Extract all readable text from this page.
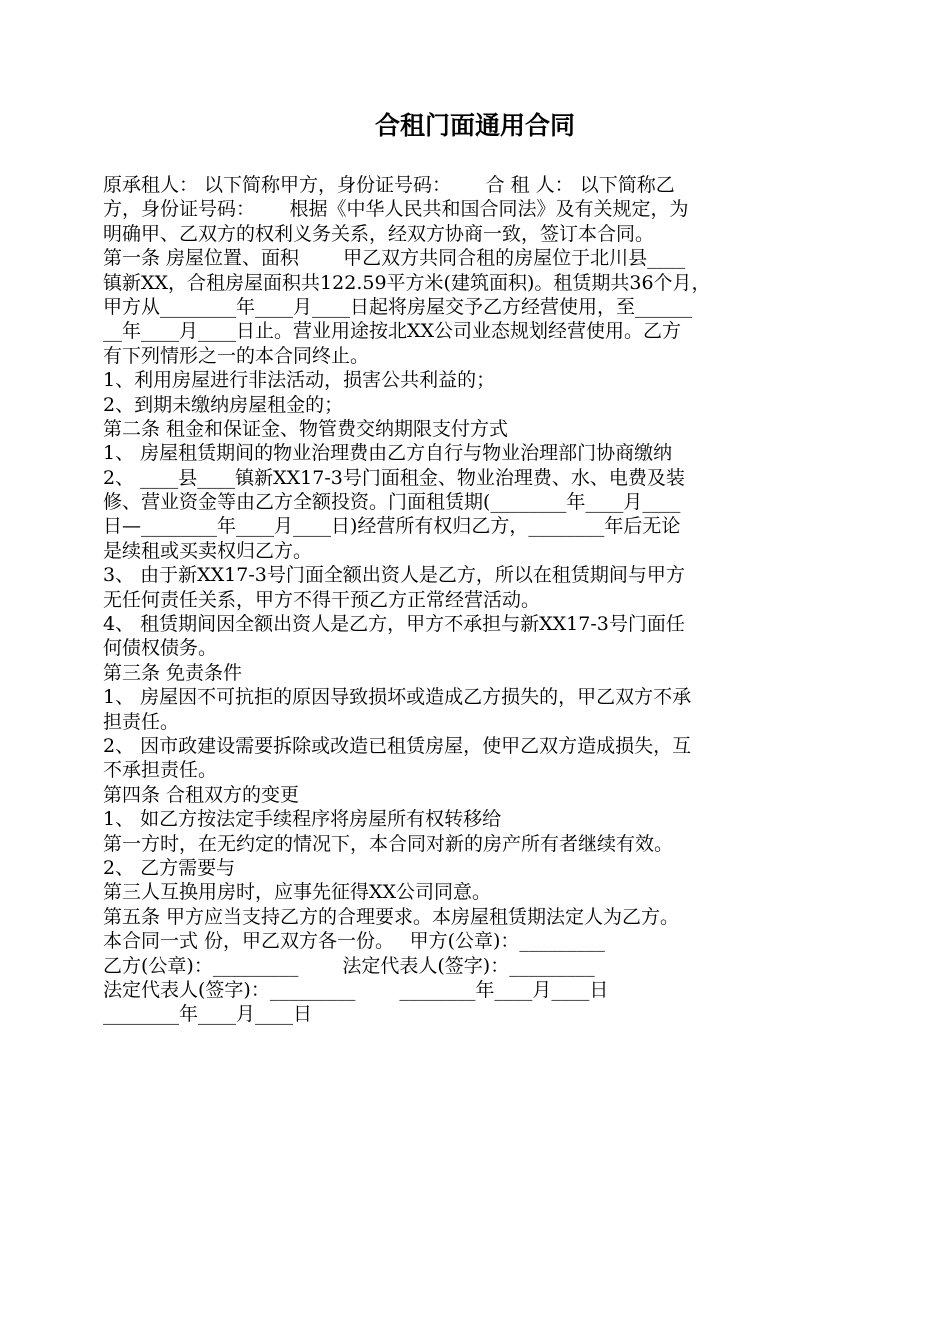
合租门面通用合同
原承租人： 以下简称甲方，身份证号码：　　 合 租 人： 以下简称乙
方，身份证号码：　　 根据《中华人民共和国合同法》及有关规定，为
明确甲、乙双方的权利义务关系，经双方协商一致，签订本合同。
第一条 房屋位置、面积　　 甲乙双方共同合租的房屋位于北川县____
镇新XX，合租房屋面积共122.59平方米(建筑面积)。租赁期共36个月，
甲方从________年____月____日起将房屋交予乙方经营使用，至______
__年____月____日止。营业用途按北XX公司业态规划经营使用。乙方
有下列情形之一的本合同终止。
1、利用房屋进行非法活动，损害公共利益的；
2、到期未缴纳房屋租金的；
第二条 租金和保证金、物管费交纳期限支付方式
1、 房屋租赁期间的物业治理费由乙方自行与物业治理部门协商缴纳
2、 ____县____镇新XX17-3号门面租金、物业治理费、水、电费及装
修、营业资金等由乙方全额投资。门面租赁期(________年____月____
日—________年____月____日)经营所有权归乙方，________年后无论
是续租或买卖权归乙方。
3、 由于新XX17-3号门面全额出资人是乙方，所以在租赁期间与甲方
无任何责任关系，甲方不得干预乙方正常经营活动。
4、 租赁期间因全额出资人是乙方，甲方不承担与新XX17-3号门面任
何债权债务。
第三条 免责条件
1、 房屋因不可抗拒的原因导致损坏或造成乙方损失的，甲乙双方不承
担责任。
2、 因市政建设需要拆除或改造已租赁房屋，使甲乙双方造成损失，互
不承担责任。
第四条 合租双方的变更
1、 如乙方按法定手续程序将房屋所有权转移给
第一方时，在无约定的情况下，本合同对新的房产所有者继续有效。
2、 乙方需要与
第三人互换用房时，应事先征得XX公司同意。
第五条 甲方应当支持乙方的合理要求。本房屋租赁期法定人为乙方。
本合同一式 份，甲乙双方各一份。　 甲方(公章)：_________
乙方(公章)：_________　　 法定代表人(签字)：_________
法定代表人(签字)：_________　　 ________年____月____日
________年____月____日
